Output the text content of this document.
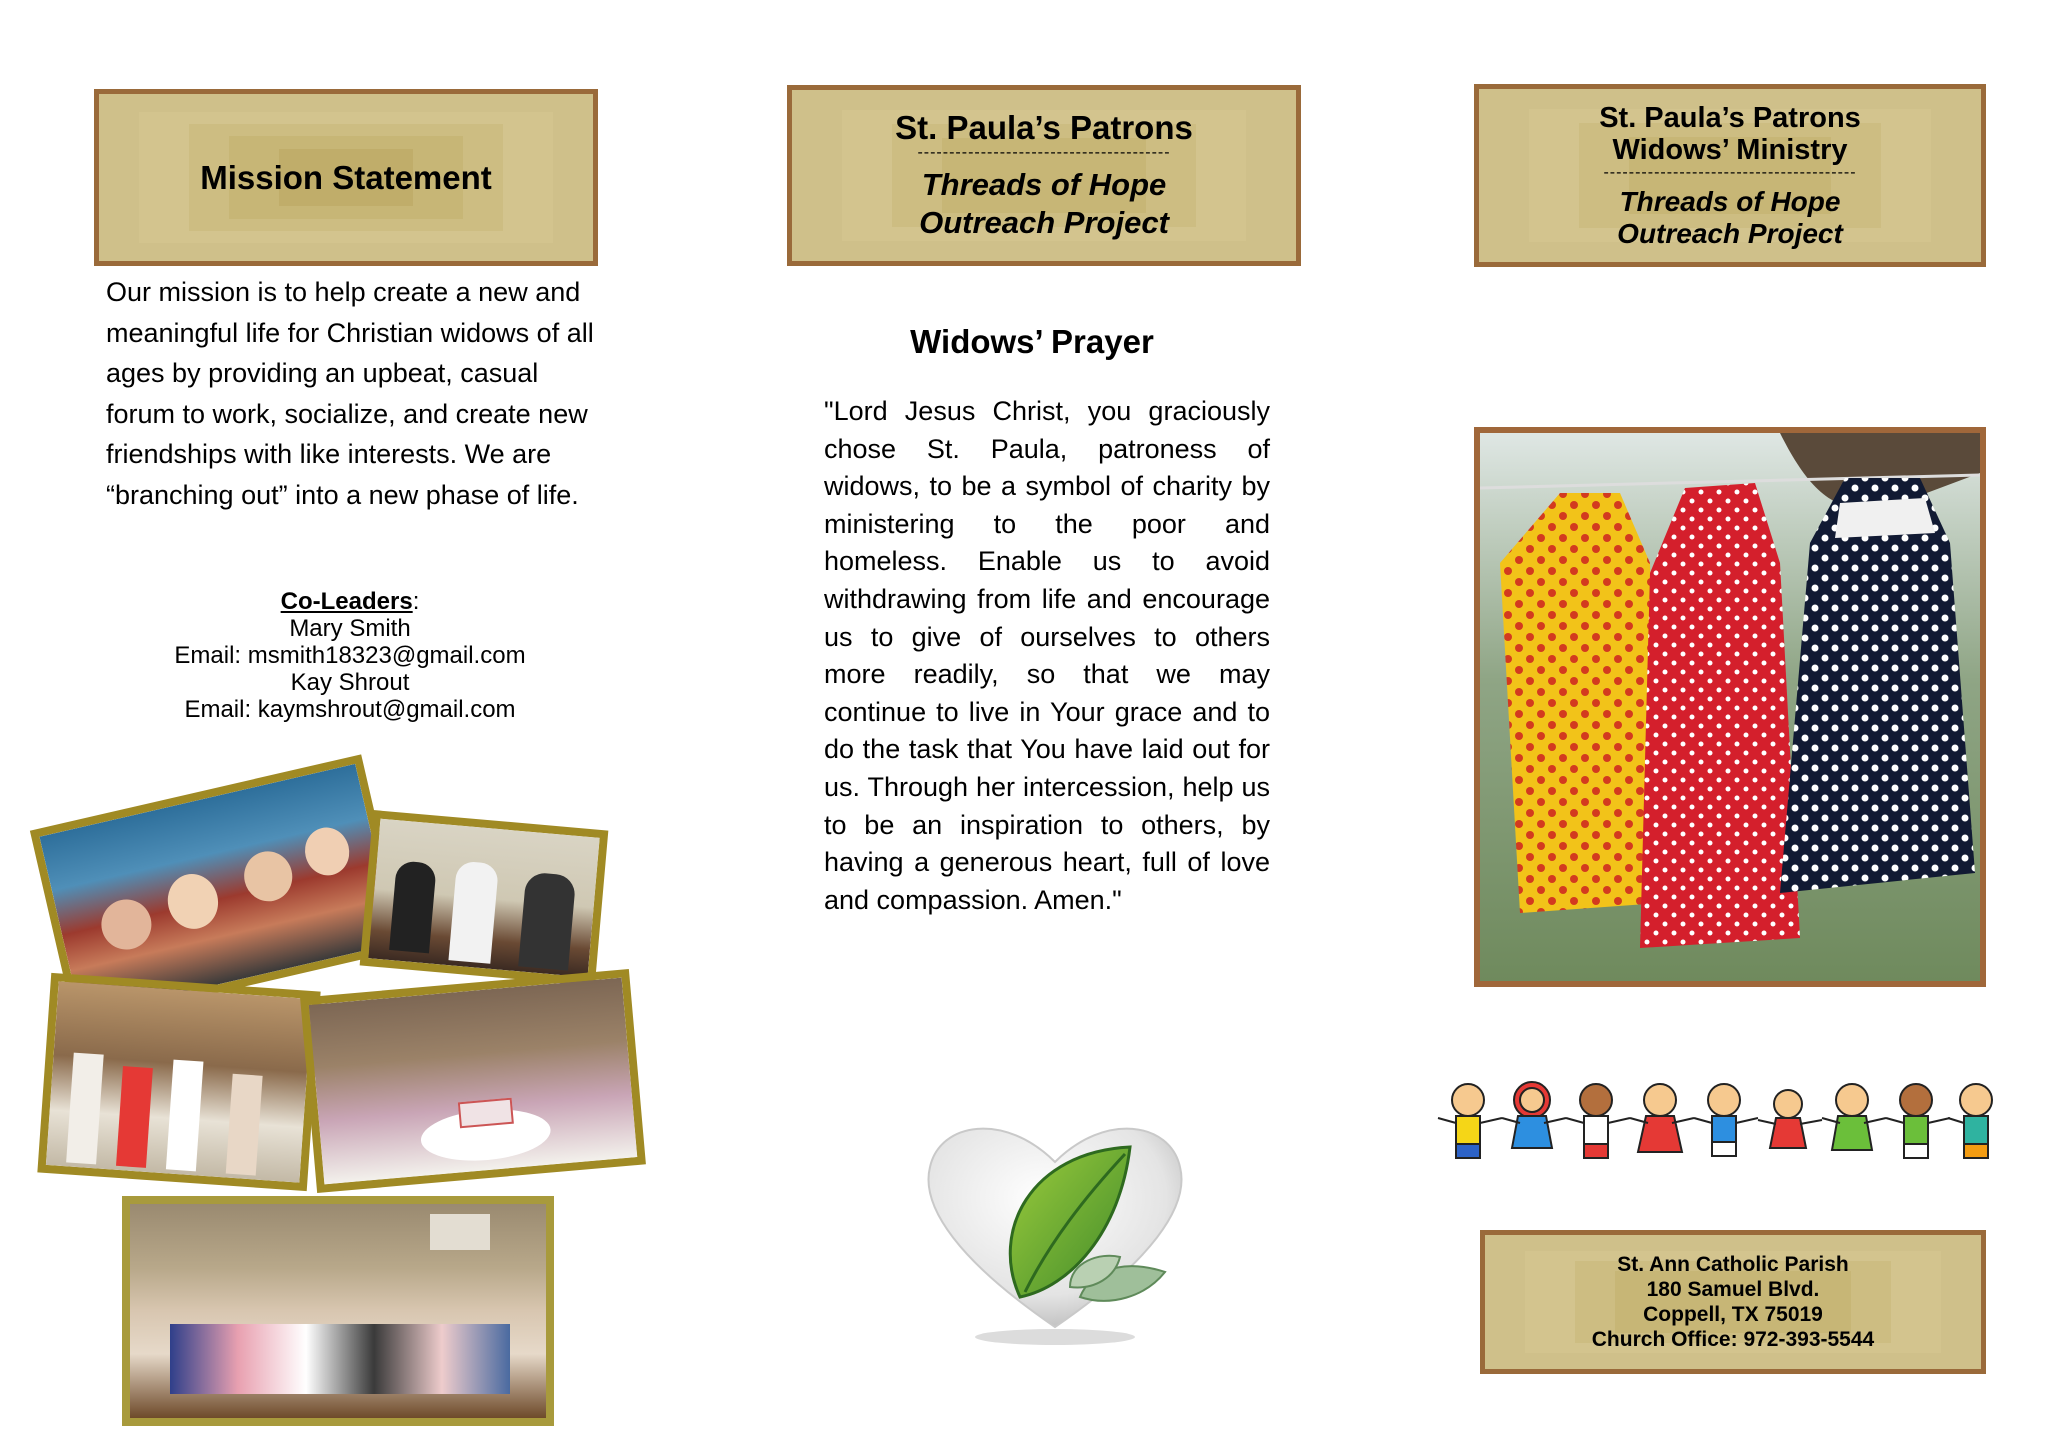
Mission Statement
Our mission is to help create a new and meaningful life for Christian widows of all ages by providing an upbeat, casual forum to work, socialize, and create new friendships with like interests. We are “branching out” into a new phase of life.
Co-Leaders:
Mary Smith
Email: msmith18323@gmail.com
Kay Shrout
Email: kaymshrout@gmail.com
St. Paula’s Patrons
----------------------------------------
Threads of Hope
Outreach Project
Widows’ Prayer
"Lord Jesus Christ, you graciously chose St. Paula, patroness of widows, to be a symbol of charity by ministering to the poor and homeless. Enable us to avoid withdrawing from life and encourage us to give of ourselves to others more readily, so that we may continue to live in Your grace and to do the task that You have laid out for us. Through her intercession, help us to be an inspiration to others, by having a generous heart, full of love and compassion. Amen."
St. Paula’s Patrons
Widows’ Ministry
----------------------------------------
Threads of Hope
Outreach Project
St. Ann Catholic Parish
180 Samuel Blvd.
Coppell, TX 75019
Church Office: 972-393-5544
